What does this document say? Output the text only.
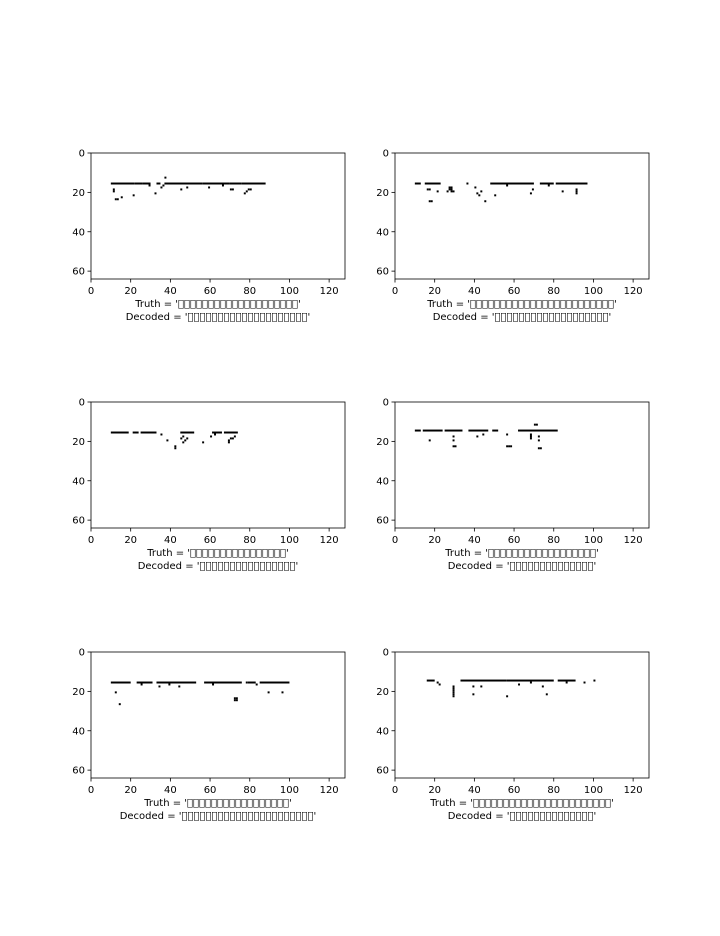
0	20	40	60	80 100 120
0
20
40
60
Truth = '􀀀􀀀􀀀􀀀􀀀􀀀􀀀􀀀􀀀􀀀􀀀􀀀􀀀􀀀􀀀􀀀􀀀􀀀􀀀􀀀'
Decoded = '􀀀􀀀􀀀􀀀􀀀􀀀􀀀􀀀􀀀􀀀􀀀􀀀􀀀􀀀􀀀􀀀􀀀􀀀􀀀􀀀'
0	20	40	60	80 100 120
0
20
40
60
Truth = '􀀀􀀀􀀀􀀀􀀀􀀀􀀀􀀀􀀀􀀀􀀀􀀀􀀀􀀀􀀀􀀀􀀀􀀀􀀀􀀀􀀀􀀀􀀀􀀀'
Decoded = '􀀀􀀀􀀀􀀀􀀀􀀀􀀀􀀀􀀀􀀀􀀀􀀀􀀀􀀀􀀀􀀀􀀀􀀀􀀀'
0	20	40	60	80 100 120
0
20
40
60
Truth = '􀀀􀀀􀀀􀀀􀀀􀀀􀀀􀀀􀀀􀀀􀀀􀀀􀀀􀀀􀀀􀀀'
Decoded = '􀀀􀀀􀀀􀀀􀀀􀀀􀀀􀀀􀀀􀀀􀀀􀀀􀀀􀀀􀀀􀀀'
0	20	40	60	80 100 120
0
20
40
60
Truth = '􀀀􀀀􀀀􀀀􀀀􀀀􀀀􀀀􀀀􀀀􀀀􀀀􀀀􀀀􀀀􀀀􀀀􀀀'
Decoded = '􀀀􀀀􀀀􀀀􀀀􀀀􀀀􀀀􀀀􀀀􀀀􀀀􀀀􀀀'
0	20	40	60	80 100 120
0
20
40
60
Truth = '􀀀􀀀􀀀􀀀􀀀􀀀􀀀􀀀􀀀􀀀􀀀􀀀􀀀􀀀􀀀􀀀􀀀'
Decoded = '􀀀􀀀􀀀􀀀􀀀􀀀􀀀􀀀􀀀􀀀􀀀􀀀􀀀􀀀􀀀􀀀􀀀􀀀􀀀􀀀􀀀􀀀'
0	20	40	60	80 100 120
0
20
40
60
Truth = '􀀀􀀀􀀀􀀀􀀀􀀀􀀀􀀀􀀀􀀀􀀀􀀀􀀀􀀀􀀀􀀀􀀀􀀀􀀀􀀀􀀀􀀀􀀀'
Decoded = '􀀀􀀀􀀀􀀀􀀀􀀀􀀀􀀀􀀀􀀀􀀀􀀀􀀀􀀀'
